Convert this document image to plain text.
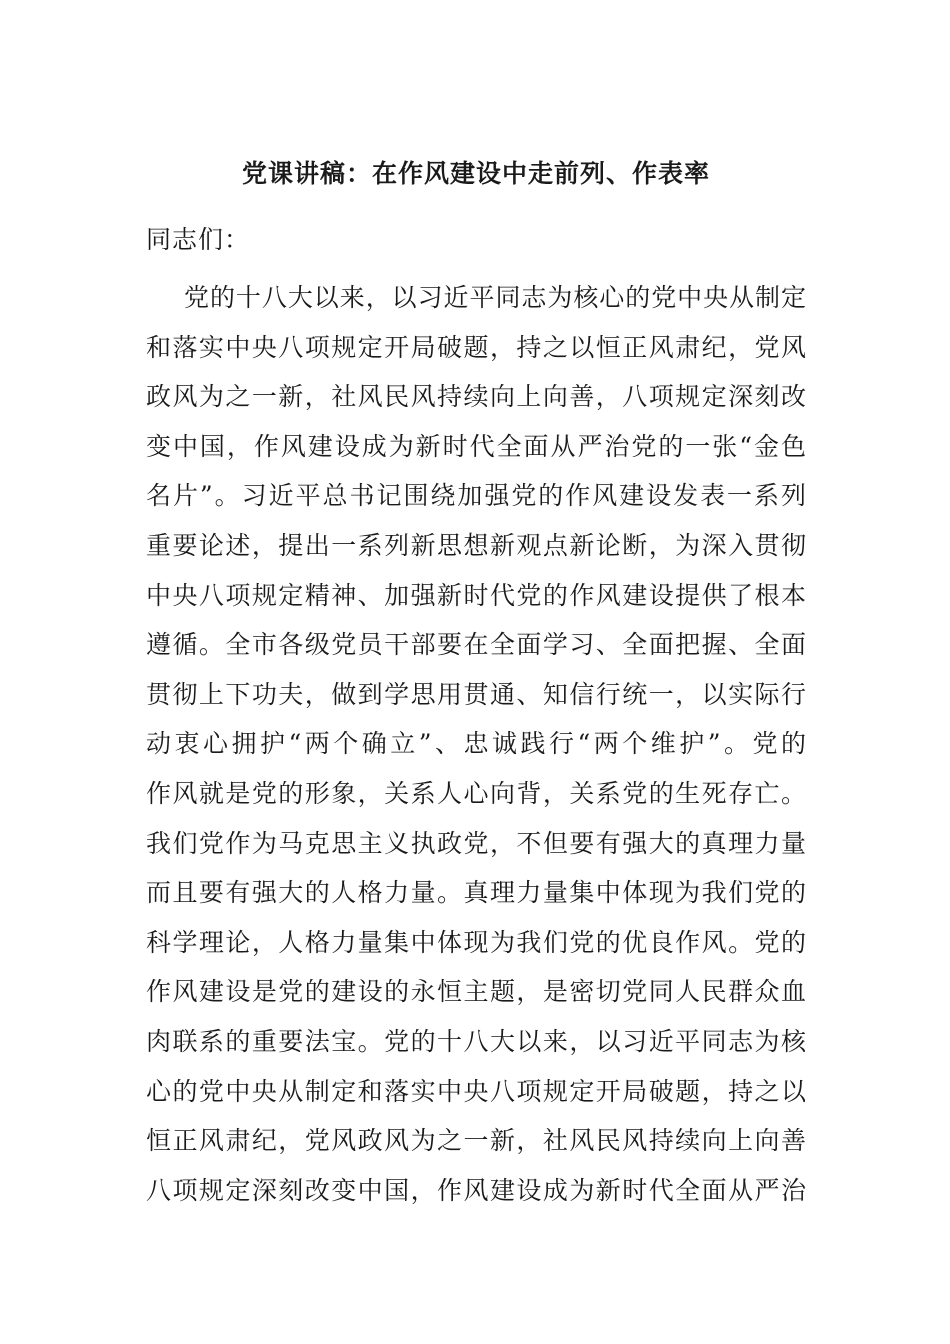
党课讲稿：在作风建设中走前列、作表率
同志们：
党的十八大以来，以习近平同志为核心的党中央从制定
和落实中央八项规定开局破题，持之以恒正风肃纪，党风
政风为之一新，社风民风持续向上向善，八项规定深刻改
变中国，作风建设成为新时代全面从严治党的一张“金色
名片”。习近平总书记围绕加强党的作风建设发表一系列
重要论述，提出一系列新思想新观点新论断，为深入贯彻
中央八项规定精神、加强新时代党的作风建设提供了根本
遵循。全市各级党员干部要在全面学习、全面把握、全面
贯彻上下功夫，做到学思用贯通、知信行统一，以实际行
动衷心拥护“两个确立”、忠诚践行“两个维护”。党的
作风就是党的形象，关系人心向背，关系党的生死存亡。
我们党作为马克思主义执政党，不但要有强大的真理力量
而且要有强大的人格力量。真理力量集中体现为我们党的
科学理论，人格力量集中体现为我们党的优良作风。党的
作风建设是党的建设的永恒主题，是密切党同人民群众血
肉联系的重要法宝。党的十八大以来，以习近平同志为核
心的党中央从制定和落实中央八项规定开局破题，持之以
恒正风肃纪，党风政风为之一新，社风民风持续向上向善
八项规定深刻改变中国，作风建设成为新时代全面从严治
